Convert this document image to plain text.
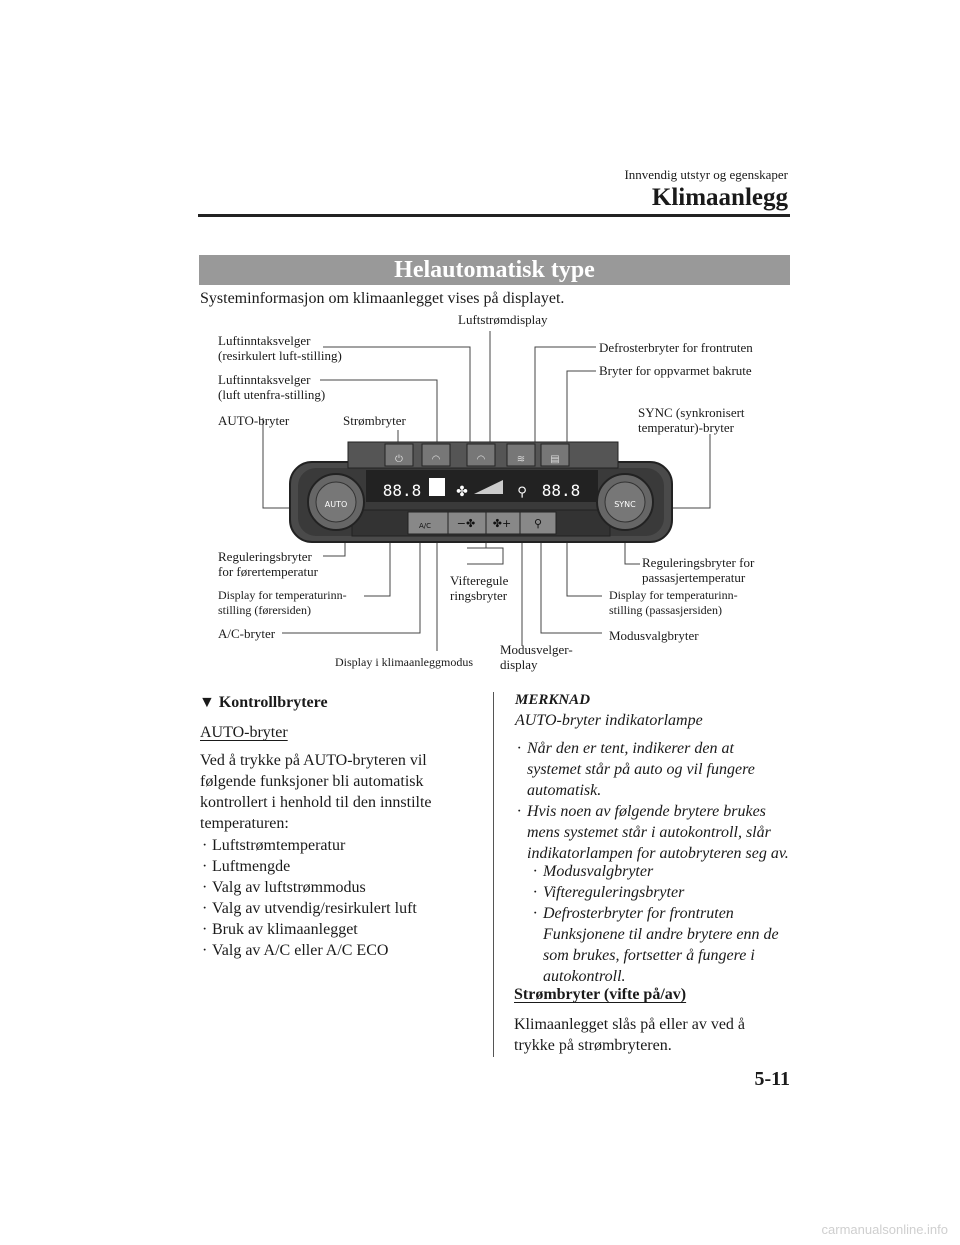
Innvendig utstyr og egenskaper
Klimaanlegg
Helautomatisk type
Systeminformasjon om klimaanlegget vises på displayet.
⏻	◠	◠	≋	▤
AUTO	SYNC
A/C
88.8	88.8
✤	⚲
−✤ ✤+ ⚲
Luftstrømdisplay
Luftinntaksvelger
(resirkulert luft-stilling)
Luftinntaksvelger
(luft utenfra-stilling)
AUTO-bryter	Strømbryter
Defrosterbryter for frontruten
Bryter for oppvarmet bakrute
SYNC (synkronisert
temperatur)-bryter
Reguleringsbryter
for førertemperatur
Display for temperaturinn-
stilling (førersiden)
A/C-bryter
Vifteregule
ringsbryter
Display i klimaanleggmodus
Modusvelger-
display
Modusvalgbryter
Display for temperaturinn-
stilling (passasjersiden)
Reguleringsbryter for
passasjertemperatur
▼ Kontrollbrytere
AUTO-bryter
Ved å trykke på AUTO-bryteren vil følgende funksjoner bli automatisk kontrollert i henhold til den innstilte temperaturen:
· Luftstrømtemperatur
· Luftmengde
· Valg av luftstrømmodus
· Valg av utvendig/resirkulert luft
· Bruk av klimaanlegget
· Valg av A/C eller A/C ECO
MERKNAD
AUTO-bryter indikatorlampe
· Når den er tent, indikerer den at systemet står på auto og vil fungere automatisk.
· Hvis noen av følgende brytere brukes mens systemet står i autokontroll, slår indikatorlampen for autobryteren seg av.
· Modusvalgbryter
· Viftereguleringsbryter
· Defrosterbryter for frontruten Funksjonene til andre brytere enn de som brukes, fortsetter å fungere i autokontroll.
Strømbryter (vifte på/av)
Klimaanlegget slås på eller av ved å trykke på strømbryteren.
5-11
carmanualsonline.info
